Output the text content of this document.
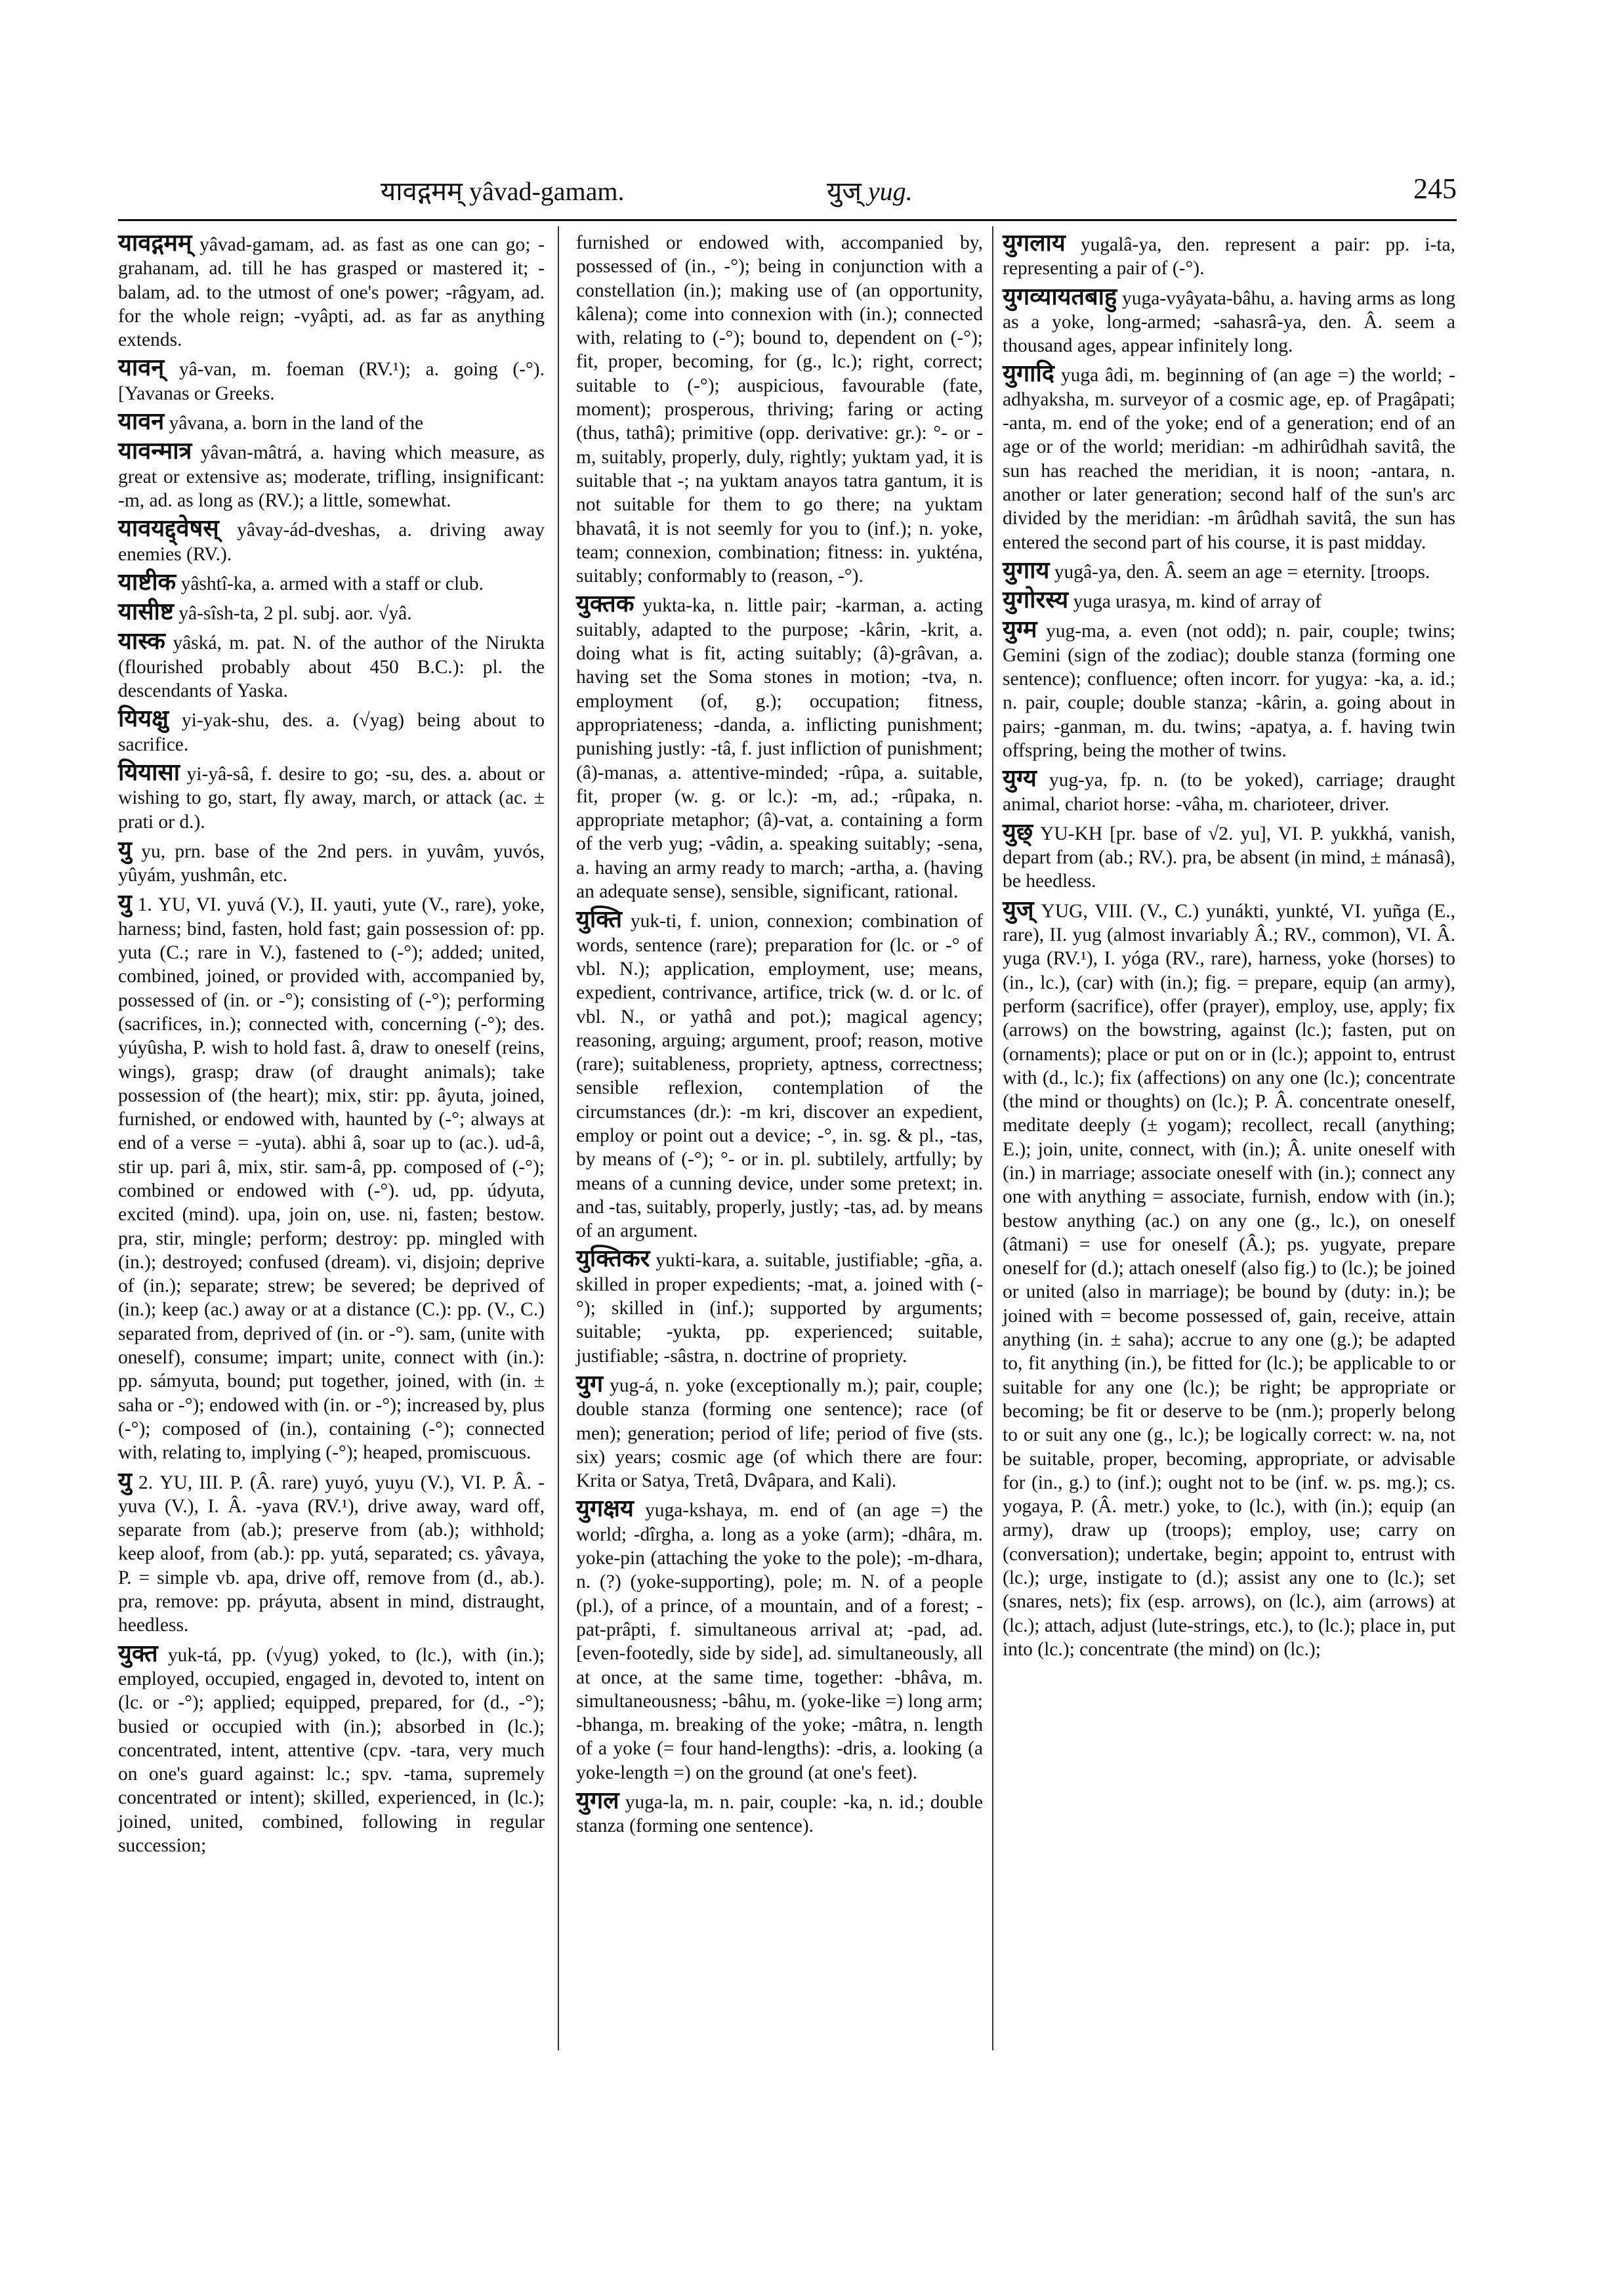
यावद्गमम् yâvad-gamam.	युज् yug.	245

यावद्गमम् yâvad-gamam, ad. as fast as one can go; -grahanam, ad. till he has grasped or mastered it; -balam, ad. to the utmost of one's power; -râgyam, ad. for the whole reign; -vyâpti, ad. as far as anything extends.

यावन् yâ-van, m. foeman (RV.¹); a. going (-°). [Yavanas or Greeks.

यावन yâvana, a. born in the land of the

यावन्मात्र yâvan-mâtrá, a. having which measure, as great or extensive as; moderate, trifling, insignificant: -m, ad. as long as (RV.); a little, somewhat.

यावयद्द्वेषस् yâvay-ád-dveshas, a. driving away enemies (RV.).

याष्टीक yâshtî-ka, a. armed with a staff or club.

यासीष्ट yâ-sîsh-ta, 2 pl. subj. aor. √yâ.

यास्क yâská, m. pat. N. of the author of the Nirukta (flourished probably about 450 B.C.): pl. the descendants of Yaska.

यियक्षु yi-yak-shu, des. a. (√yag) being about to sacrifice.

यियासा yi-yâ-sâ, f. desire to go; -su, des. a. about or wishing to go, start, fly away, march, or attack (ac. ± prati or d.).

यु yu, prn. base of the 2nd pers. in yuvâm, yuvós, yûyám, yushmân, etc.

यु 1. YU, VI. yuvá (V.), II. yauti, yute (V., rare), yoke, harness; bind, fasten, hold fast; gain possession of: pp. yuta (C.; rare in V.), fastened to (-°); added; united, combined, joined, or provided with, accompanied by, possessed of (in. or -°); consisting of (-°); performing (sacrifices, in.); connected with, concerning (-°); des. yúyûsha, P. wish to hold fast. â, draw to oneself (reins, wings), grasp; draw (of draught animals); take possession of (the heart); mix, stir: pp. âyuta, joined, furnished, or endowed with, haunted by (-°; always at end of a verse = -yuta). abhi â, soar up to (ac.). ud-â, stir up. pari â, mix, stir. sam-â, pp. composed of (-°); combined or endowed with (-°). ud, pp. údyuta, excited (mind). upa, join on, use. ni, fasten; bestow. pra, stir, mingle; perform; destroy: pp. mingled with (in.); destroyed; confused (dream). vi, disjoin; deprive of (in.); separate; strew; be severed; be deprived of (in.); keep (ac.) away or at a distance (C.): pp. (V., C.) separated from, deprived of (in. or -°). sam, (unite with oneself), consume; impart; unite, connect with (in.): pp. sámyuta, bound; put together, joined, with (in. ± saha or -°); endowed with (in. or -°); increased by, plus (-°); composed of (in.), containing (-°); connected with, relating to, implying (-°); heaped, promiscuous.

यु 2. YU, III. P. (Â. rare) yuyó, yuyu (V.), VI. P. Â. -yuva (V.), I. Â. -yava (RV.¹), drive away, ward off, separate from (ab.); preserve from (ab.); withhold; keep aloof, from (ab.): pp. yutá, separated; cs. yâvaya, P. = simple vb. apa, drive off, remove from (d., ab.). pra, remove: pp. práyuta, absent in mind, distraught, heedless.

युक्त yuk-tá, pp. (√yug) yoked, to (lc.), with (in.); employed, occupied, engaged in, devoted to, intent on (lc. or -°); applied; equipped, prepared, for (d., -°); busied or occupied with (in.); absorbed in (lc.); concentrated, intent, attentive (cpv. -tara, very much on one's guard against: lc.; spv. -tama, supremely concentrated or intent); skilled, experienced, in (lc.); joined, united, combined, following in regular succession;

furnished or endowed with, accompanied by, possessed of (in., -°); being in conjunction with a constellation (in.); making use of (an opportunity, kâlena); come into connexion with (in.); connected with, relating to (-°); bound to, dependent on (-°); fit, proper, becoming, for (g., lc.); right, correct; suitable to (-°); auspicious, favourable (fate, moment); prosperous, thriving; faring or acting (thus, tathâ); primitive (opp. derivative: gr.): °- or -m, suitably, properly, duly, rightly; yuktam yad, it is suitable that -; na yuktam anayos tatra gantum, it is not suitable for them to go there; na yuktam bhavatâ, it is not seemly for you to (inf.); n. yoke, team; connexion, combination; fitness: in. yukténa, suitably; conformably to (reason, -°).

युक्तक yukta-ka, n. little pair; -karman, a. acting suitably, adapted to the purpose; -kârin, -krit, a. doing what is fit, acting suitably; (â)-grâvan, a. having set the Soma stones in motion; -tva, n. employment (of, g.); occupation; fitness, appropriateness; -danda, a. inflicting punishment; punishing justly: -tâ, f. just infliction of punishment; (â)-manas, a. attentive-minded; -rûpa, a. suitable, fit, proper (w. g. or lc.): -m, ad.; -rûpaka, n. appropriate metaphor; (â)-vat, a. containing a form of the verb yug; -vâdin, a. speaking suitably; -sena, a. having an army ready to march; -artha, a. (having an adequate sense), sensible, significant, rational.

युक्ति yuk-ti, f. union, connexion; combination of words, sentence (rare); preparation for (lc. or -° of vbl. N.); application, employment, use; means, expedient, contrivance, artifice, trick (w. d. or lc. of vbl. N., or yathâ and pot.); magical agency; reasoning, arguing; argument, proof; reason, motive (rare); suitableness, propriety, aptness, correctness; sensible reflexion, contemplation of the circumstances (dr.): -m kri, discover an expedient, employ or point out a device; -°, in. sg. & pl., -tas, by means of (-°); °- or in. pl. subtilely, artfully; by means of a cunning device, under some pretext; in. and -tas, suitably, properly, justly; -tas, ad. by means of an argument.

युक्तिकर yukti-kara, a. suitable, justifiable; -gña, a. skilled in proper expedients; -mat, a. joined with (-°); skilled in (inf.); supported by arguments; suitable; -yukta, pp. experienced; suitable, justifiable; -sâstra, n. doctrine of propriety.

युग yug-á, n. yoke (exceptionally m.); pair, couple; double stanza (forming one sentence); race (of men); generation; period of life; period of five (sts. six) years; cosmic age (of which there are four: Krita or Satya, Tretâ, Dvâpara, and Kali).

युगक्षय yuga-kshaya, m. end of (an age =) the world; -dîrgha, a. long as a yoke (arm); -dhâra, m. yoke-pin (attaching the yoke to the pole); -m-dhara, n. (?) (yoke-supporting), pole; m. N. of a people (pl.), of a prince, of a mountain, and of a forest; -pat-prâpti, f. simultaneous arrival at; -pad, ad. [even-footedly, side by side], ad. simultaneously, all at once, at the same time, together: -bhâva, m. simultaneousness; -bâhu, m. (yoke-like =) long arm; -bhanga, m. breaking of the yoke; -mâtra, n. length of a yoke (= four hand-lengths): -dris, a. looking (a yoke-length =) on the ground (at one's feet).

युगल yuga-la, m. n. pair, couple: -ka, n. id.; double stanza (forming one sentence).

युगलाय yugalâ-ya, den. represent a pair: pp. i-ta, representing a pair of (-°).

युगव्यायतबाहु yuga-vyâyata-bâhu, a. having arms as long as a yoke, long-armed; -sahasrâ-ya, den. Â. seem a thousand ages, appear infinitely long.

युगादि yuga âdi, m. beginning of (an age =) the world; -adhyaksha, m. surveyor of a cosmic age, ep. of Pragâpati; -anta, m. end of the yoke; end of a generation; end of an age or of the world; meridian: -m adhirûdhah savitâ, the sun has reached the meridian, it is noon; -antara, n. another or later generation; second half of the sun's arc divided by the meridian: -m ârûdhah savitâ, the sun has entered the second part of his course, it is past midday.

युगाय yugâ-ya, den. Â. seem an age = eternity. [troops.

युगोरस्य yuga urasya, m. kind of array of

युग्म yug-ma, a. even (not odd); n. pair, couple; twins; Gemini (sign of the zodiac); double stanza (forming one sentence); confluence; often incorr. for yugya: -ka, a. id.; n. pair, couple; double stanza; -kârin, a. going about in pairs; -ganman, m. du. twins; -apatya, a. f. having twin offspring, being the mother of twins.

युग्य yug-ya, fp. n. (to be yoked), carriage; draught animal, chariot horse: -vâha, m. charioteer, driver.

युछ् YU-KH [pr. base of √2. yu], VI. P. yukkhá, vanish, depart from (ab.; RV.). pra, be absent (in mind, ± mánasâ), be heedless.

युज् YUG, VIII. (V., C.) yunákti, yunkté, VI. yuñga (E., rare), II. yug (almost invariably Â.; RV., common), VI. Â. yuga (RV.¹), I. yóga (RV., rare), harness, yoke (horses) to (in., lc.), (car) with (in.); fig. = prepare, equip (an army), perform (sacrifice), offer (prayer), employ, use, apply; fix (arrows) on the bowstring, against (lc.); fasten, put on (ornaments); place or put on or in (lc.); appoint to, entrust with (d., lc.); fix (affections) on any one (lc.); concentrate (the mind or thoughts) on (lc.); P. Â. concentrate oneself, meditate deeply (± yogam); recollect, recall (anything; E.); join, unite, connect, with (in.); Â. unite oneself with (in.) in marriage; associate oneself with (in.); connect any one with anything = associate, furnish, endow with (in.); bestow anything (ac.) on any one (g., lc.), on oneself (âtmani) = use for oneself (Â.); ps. yugyate, prepare oneself for (d.); attach oneself (also fig.) to (lc.); be joined or united (also in marriage); be bound by (duty: in.); be joined with = become possessed of, gain, receive, attain anything (in. ± saha); accrue to any one (g.); be adapted to, fit anything (in.), be fitted for (lc.); be applicable to or suitable for any one (lc.); be right; be appropriate or becoming; be fit or deserve to be (nm.); properly belong to or suit any one (g., lc.); be logically correct: w. na, not be suitable, proper, becoming, appropriate, or advisable for (in., g.) to (inf.); ought not to be (inf. w. ps. mg.); cs. yogaya, P. (Â. metr.) yoke, to (lc.), with (in.); equip (an army), draw up (troops); employ, use; carry on (conversation); undertake, begin; appoint to, entrust with (lc.); urge, instigate to (d.); assist any one to (lc.); set (snares, nets); fix (esp. arrows), on (lc.), aim (arrows) at (lc.); attach, adjust (lute-strings, etc.), to (lc.); place in, put into (lc.); concentrate (the mind) on (lc.);
